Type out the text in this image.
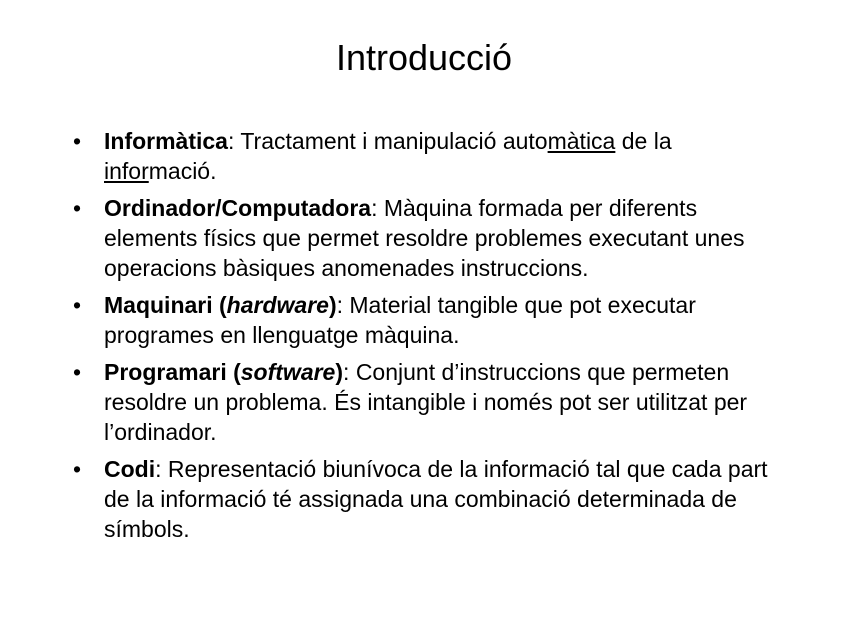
Introducció
• Informàtica: Tractament i manipulació automàtica de la informació.
• Ordinador/Computadora: Màquina formada per diferents elements físics que permet resoldre problemes executant unes operacions bàsiques anomenades instruccions.
• Maquinari (hardware): Material tangible que pot executar programes en llenguatge màquina.
• Programari (software): Conjunt d’instruccions que permeten resoldre un problema. És intangible i només pot ser utilitzat per l’ordinador.
• Codi: Representació biunívoca de la informació tal que cada part de la informació té assignada una combinació determinada de símbols.
